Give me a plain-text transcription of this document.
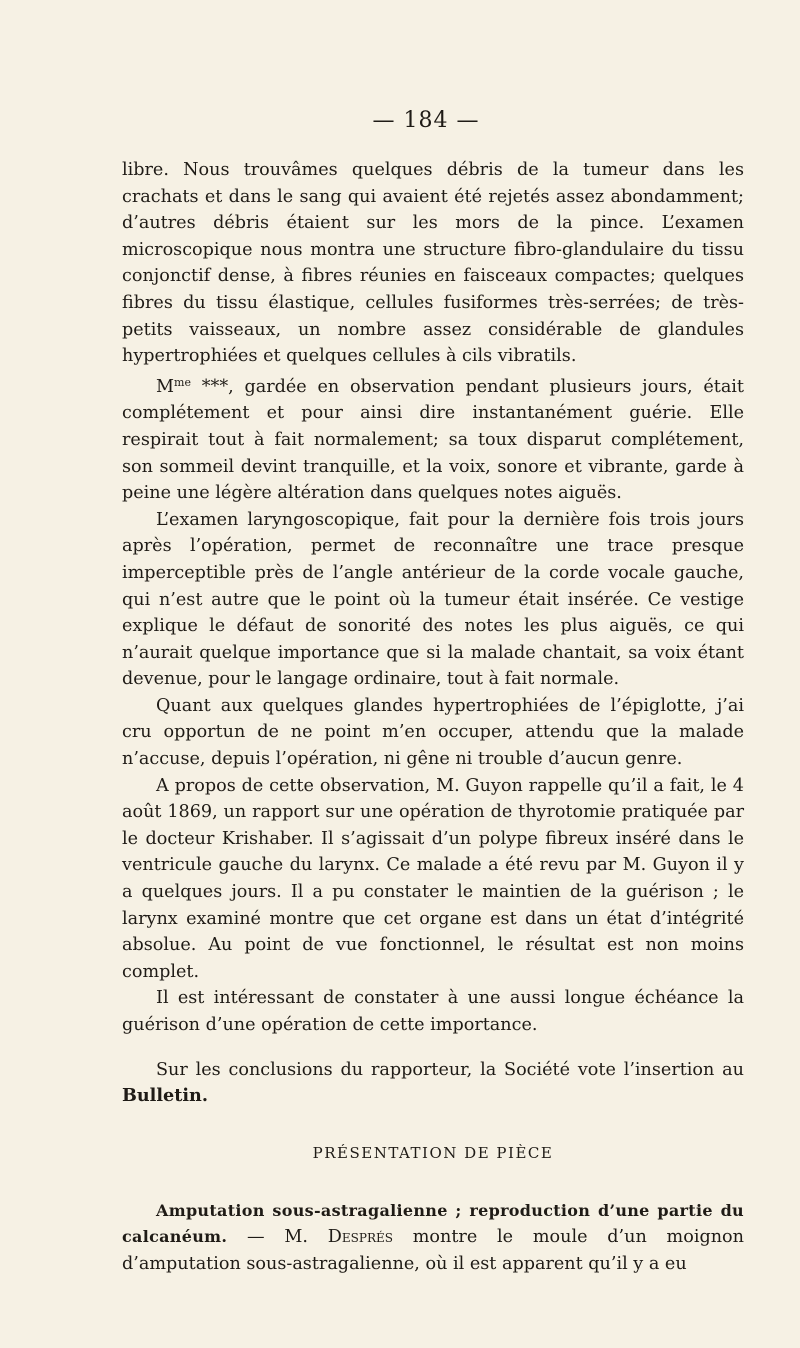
— 184 —

libre. Nous trouvâmes quelques débris de la tumeur dans les crachats et dans le sang qui avaient été rejetés assez abondamment; d’autres débris étaient sur les mors de la pince. L’examen microscopique nous montra une structure fibro-glandulaire du tissu conjonctif dense, à fibres réunies en faisceaux compactes; quelques fibres du tissu élastique, cellules fusiformes très-serrées; de très-petits vaisseaux, un nombre assez considérable de glandules hypertrophiées et quelques cellules à cils vibratils.

$M^{me}$ ***, gardée en observation pendant plusieurs jours, était complétement et pour ainsi dire instantanément guérie. Elle respirait tout à fait normalement; sa toux disparut complétement, son sommeil devint tranquille, et la voix, sonore et vibrante, garde à peine une légère altération dans quelques notes aiguës.

L’examen laryngoscopique, fait pour la dernière fois trois jours après l’opération, permet de reconnaître une trace presque imperceptible près de l’angle antérieur de la corde vocale gauche, qui n’est autre que le point où la tumeur était insérée. Ce vestige explique le défaut de sonorité des notes les plus aiguës, ce qui n’aurait quelque importance que si la malade chantait, sa voix étant devenue, pour le langage ordinaire, tout à fait normale.

Quant aux quelques glandes hypertrophiées de l’épiglotte, j’ai cru opportun de ne point m’en occuper, attendu que la malade n’accuse, depuis l’opération, ni gêne ni trouble d’aucun genre.

A propos de cette observation, M. Guyon rappelle qu’il a fait, le 4 août 1869, un rapport sur une opération de thyrotomie pratiquée par le docteur Krishaber. Il s’agissait d’un polype fibreux inséré dans le ventricule gauche du larynx. Ce malade a été revu par M. Guyon il y a quelques jours. Il a pu constater le maintien de la guérison ; le larynx examiné montre que cet organe est dans un état d’intégrité absolue. Au point de vue fonctionnel, le résultat est non moins complet.

Il est intéressant de constater à une aussi longue échéance la guérison d’une opération de cette importance.

Sur les conclusions du rapporteur, la Société vote l’insertion au Bulletin.

PRÉSENTATION DE PIÈCE

Amputation sous-astragalienne ; reproduction d’une partie du calcanéum. — M. Després montre le moule d’un moignon d’amputation sous-astragalienne, où il est apparent qu’il y a eu
